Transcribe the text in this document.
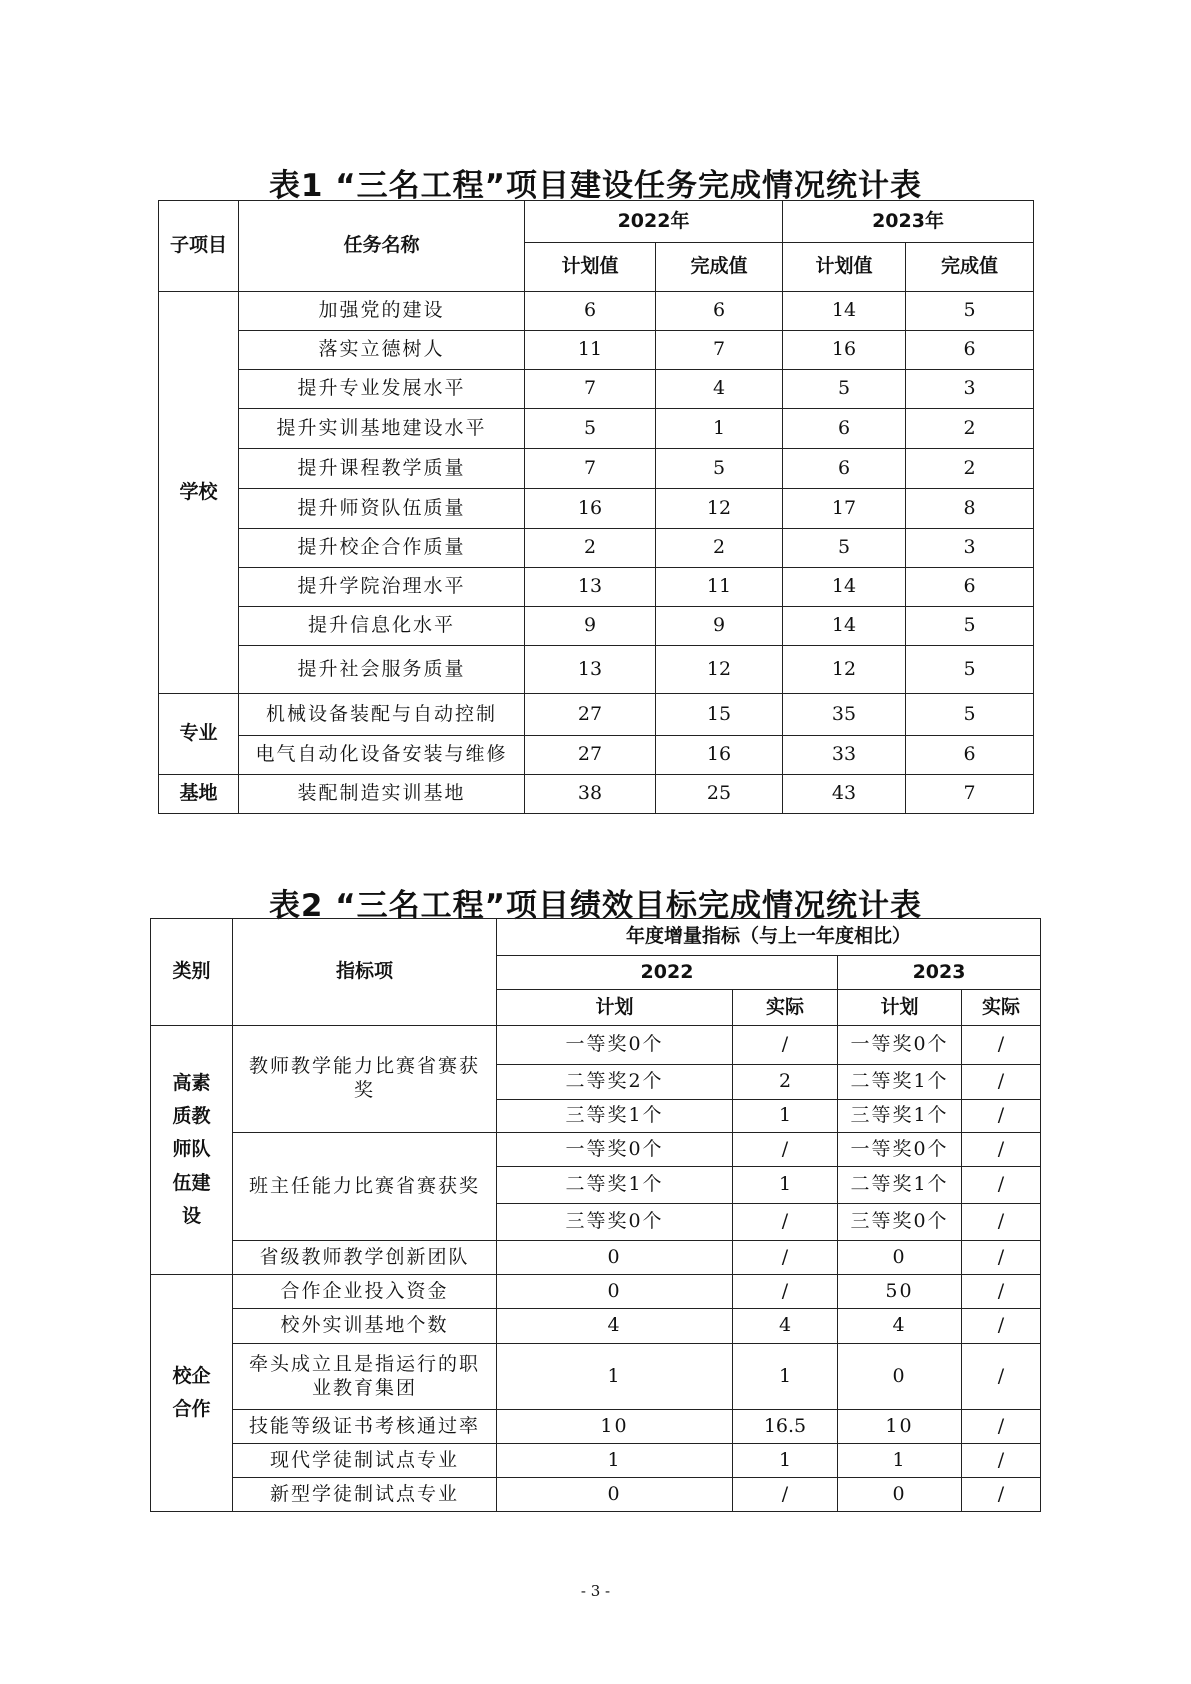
表1 “三名工程”项目建设任务完成情况统计表
子项目	任务名称	2022年		2023年	
		计划值	完成值	计划值	完成值
学校	加强党的建设	6	6	14	5
	落实立德树人	11	7	16	6
	提升专业发展水平	7	4	5	3
	提升实训基地建设水平	5	1	6	2
	提升课程教学质量	7	5	6	2
	提升师资队伍质量	16	12	17	8
	提升校企合作质量	2	2	5	3
	提升学院治理水平	13	11	14	6
	提升信息化水平	9	9	14	5
	提升社会服务质量	13	12	12	5
专业	机械设备装配与自动控制	27	15	35	5
	电气自动化设备安装与维修	27	16	33	6
基地	装配制造实训基地	38	25	43	7
表2 “三名工程”项目绩效目标完成情况统计表
类别	指标项	年度增量指标（与上一年度相比）			
		2022		2023	
		计划	实际	计划	实际

高素
质教
师队
伍建
设	教师教学能力比赛省赛获奖	一等奖0个	/	一等奖0个	/
		二等奖2个	2	二等奖1个	/
		三等奖1个	1	三等奖1个	/
	班主任能力比赛省赛获奖	一等奖0个	/	一等奖0个	/
		二等奖1个	1	二等奖1个	/
		三等奖0个	/	三等奖0个	/
	省级教师教学创新团队	0	/	0	/

校企
合作	合作企业投入资金	0	/	50	/
	校外实训基地个数	4	4	4	/
	牵头成立且是指运行的职业教育集团	1	1	0	/
	技能等级证书考核通过率	10	16.5	10	/
	现代学徒制试点专业	1	1	1	/
	新型学徒制试点专业	0	/	0	/
- 3 -
